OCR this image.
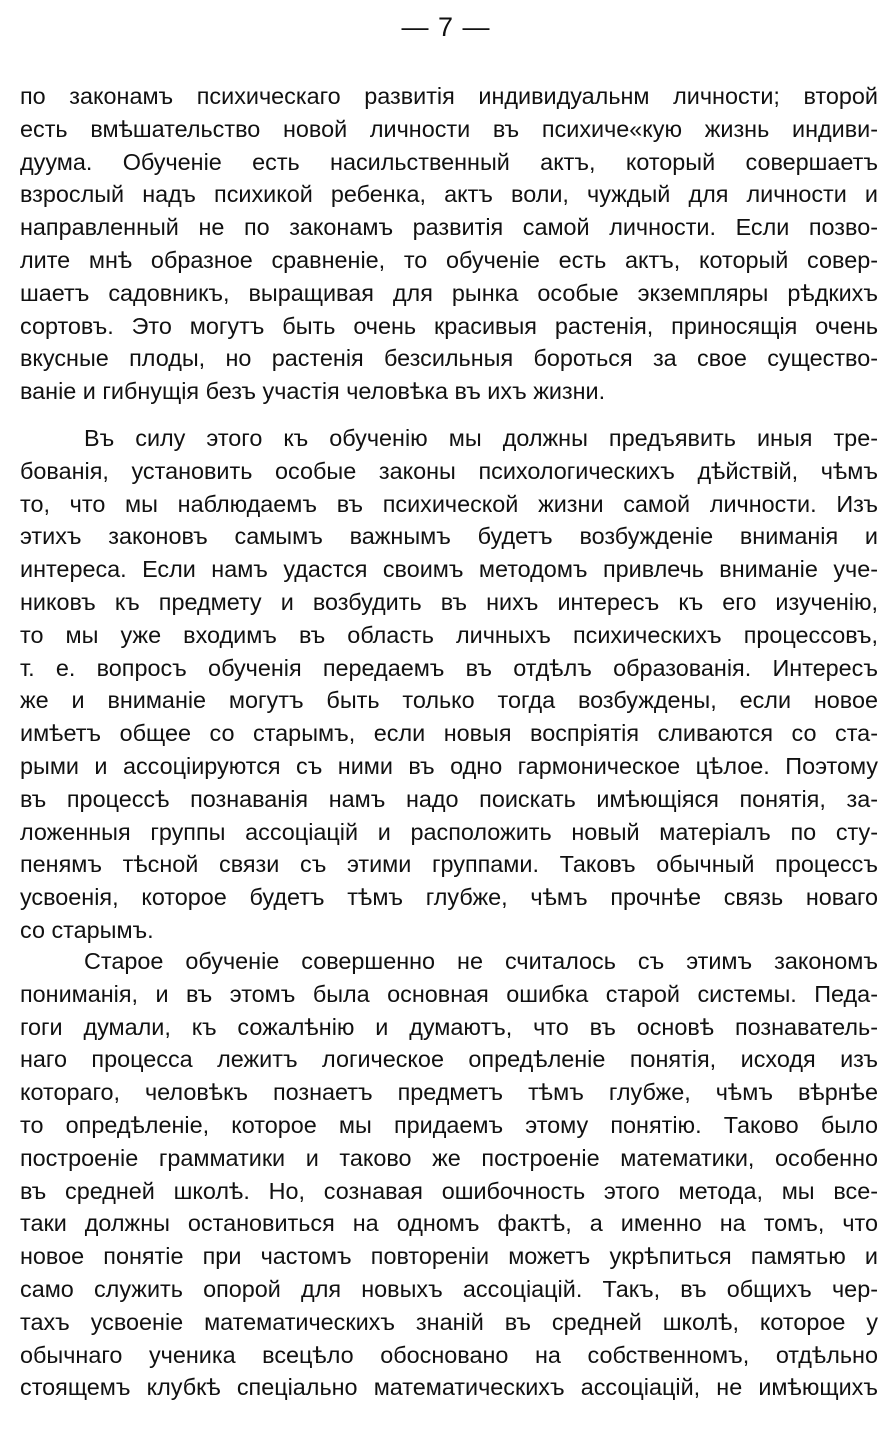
— 7 —
по законамъ психическаго развитія индивидуальнм личности; второй
есть вмѣшательство новой личности въ психиче«кую жизнь индиви-
дуума. Обученіе есть насильственный актъ, который совершаетъ
взрослый надъ психикой ребенка, актъ воли, чуждый для личности и
направленный не по законамъ развитія самой личности. Если позво-
лите мнѣ образное сравненіе, то обученіе есть актъ, который совер-
шаетъ садовникъ, выращивая для рынка особые экземпляры рѣдкихъ
сортовъ. Это могутъ быть очень красивыя растенія, приносящія очень
вкусные плоды, но растенія безсильныя бороться за свое существо-
ваніе и гибнущія безъ участія человѣка въ ихъ жизни.
Въ силу этого къ обученію мы должны предъявить иныя тре-
бованія, установить особые законы психологическихъ дѣйствій, чѣмъ
то, что мы наблюдаемъ въ психической жизни самой личности. Изъ
этихъ законовъ самымъ важнымъ будетъ возбужденіе вниманія и
интереса. Если намъ удастся своимъ методомъ привлечь вниманіе уче-
никовъ къ предмету и возбудить въ нихъ интересъ къ его изученію,
то мы уже входимъ въ область личныхъ психическихъ процессовъ,
т. е. вопросъ обученія передаемъ въ отдѣлъ образованія. Интересъ
же и вниманіе могутъ быть только тогда возбуждены, если новое
имѣетъ общее со старымъ, если новыя воспріятія сливаются со ста-
рыми и ассоціируются съ ними въ одно гармоническое цѣлое. Поэтому
въ процессѣ познаванія намъ надо поискать имѣющіяся понятія, за-
ложенныя группы ассоціацій и расположить новый матеріалъ по сту-
пенямъ тѣсной связи съ этими группами. Таковъ обычный процессъ
усвоенія, которое будетъ тѣмъ глубже, чѣмъ прочнѣе связь новаго
со старымъ.
Старое обученіе совершенно не считалось съ этимъ закономъ
пониманія, и въ этомъ была основная ошибка старой системы. Педа-
гоги думали, къ сожалѣнію и думаютъ, что въ основѣ познаватель-
наго процесса лежитъ логическое опредѣленіе понятія, исходя изъ
котораго, человѣкъ познаетъ предметъ тѣмъ глубже, чѣмъ вѣрнѣе
то опредѣленіе, которое мы придаемъ этому понятію. Таково было
построеніе грамматики и таково же построеніе математики, особенно
въ средней школѣ. Но, сознавая ошибочность этого метода, мы все-
таки должны остановиться на одномъ фактѣ, а именно на томъ, что
новое понятіе при частомъ повтореніи можетъ укрѣпиться памятью и
само служить опорой для новыхъ ассоціацій. Такъ, въ общихъ чер-
тахъ усвоеніе математическихъ знаній въ средней школѣ, которое у
обычнаго ученика всецѣло обосновано на собственномъ, отдѣльно
стоящемъ клубкѣ спеціально математическихъ ассоціацій, не имѣющихъ
